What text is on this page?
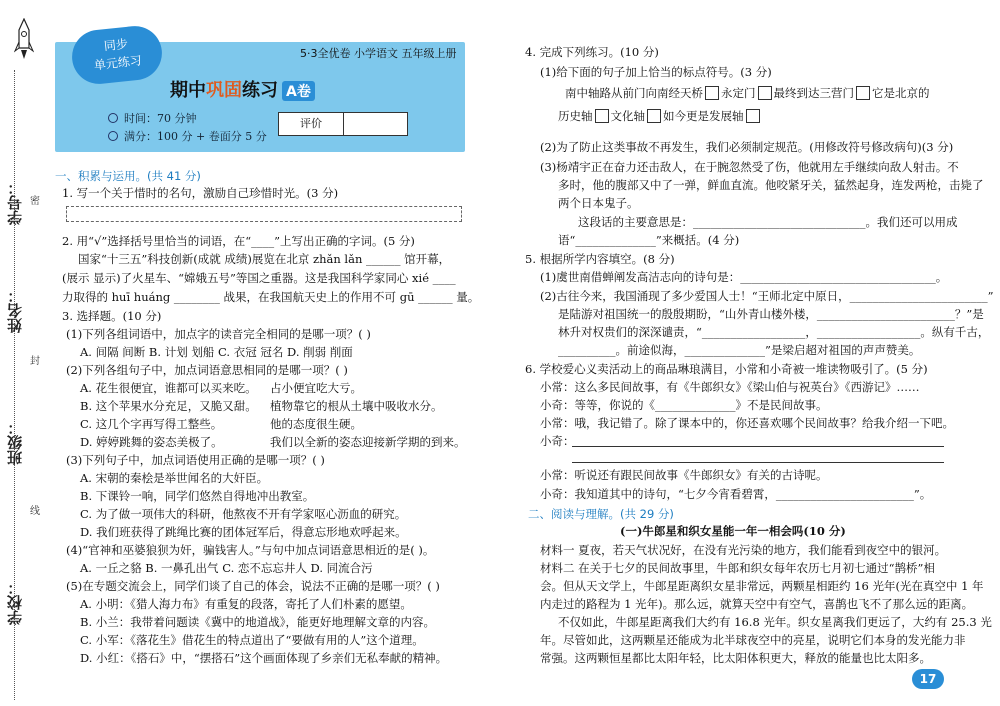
学号：
姓名：
班级：
学校：
密
封
线
同步
单元练习	5·3全优卷 小学语文 五年级上册
期中巩固练习 A卷
时间：70 分钟
满分：100 分 + 卷面分 5 分
评价
一、积累与运用。(共 41 分)
1. 写一个关于惜时的名句，激励自己珍惜时光。(3 分)
2. 用“√”选择括号里恰当的词语，在“____”上写出正确的字词。(5 分)
国家“十三五”科技创新(成就 成绩)展览在北京 zhǎn lǎn ______ 馆开幕，
(展示 显示)了火星车、“嫦娥五号”等国之重器。这是我国科学家同心 xié ____
力取得的 huī huáng ________ 战果，在我国航天史上的作用不可 gū ______ 量。
3. 选择题。(10 分)
(1)下列各组词语中，加点字的读音完全相同的是哪一项？( )
A. 间隔 间断 B. 计划 划船 C. 衣冠 冠名 D. 削弱 削面
(2)下列各组句子中，加点词语意思相同的是哪一项？( )
A. 花生很便宜，谁都可以买来吃。 占小便宜吃大亏。
B. 这个苹果水分充足，又脆又甜。 植物靠它的根从土壤中吸收水分。
C. 这几个字再写得工整些。	他的态度很生硬。
D. 婷婷跳舞的姿态美极了。	我们以全新的姿态迎接新学期的到来。
(3)下列句子中，加点词语使用正确的是哪一项？( )
A. 宋朝的秦桧是举世闻名的大奸臣。
B. 下课铃一响，同学们悠然自得地冲出教室。
C. 为了做一项伟大的科研，他熬夜不开有学家呕心沥血的研究。
D. 我们班获得了跳绳比赛的团体冠军后，得意忘形地欢呼起来。
(4)“官神和巫婆狼狈为奸，骗钱害人。”与句中加点词语意思相近的是( )。
A. 一丘之貉 B. 一鼻孔出气 C. 恋不忘忘井人 D. 同流合污
(5)在专题交流会上，同学们谈了自己的体会，说法不正确的是哪一项？( )
A. 小明：《猎人海力布》有重复的段落，寄托了人们朴素的愿望。
B. 小兰：我带着问题读《冀中的地道战》，能更好地理解文章的内容。
C. 小军：《落花生》借花生的特点道出了“要做有用的人”这个道理。
D. 小红：《搭石》中，“摆搭石”这个画面体现了乡亲们无私奉献的精神。
4. 完成下列练习。(10 分)
(1)给下面的句子加上恰当的标点符号。(3 分)
南中轴路从前门向南经天桥 永定门 最终到达三营门 它是北京的
历史轴 文化轴 如今更是发展轴
(2)为了防止这类事故不再发生，我们必须制定规范。(用修改符号修改病句)(3 分)
(3)杨靖宇正在奋力还击敌人，在于腕忽然受了伤，他就用左手继续向敌人射击。不
多时，他的腹部又中了一弹，鲜血直流。他咬紧牙关，猛然起身，连发两枪，击毙了
两个日本鬼子。
这段话的主要意思是：______________________________。我们还可以用成
语“______________”来概括。(4 分)
5. 根据所学内容填空。(8 分)
(1)虞世南借蝉阐发高洁志向的诗句是：__________________________________。
(2)古往今来，我国涌现了多少爱国人士！“王师北定中原日，________________________”
是陆游对祖国统一的殷殷期盼，“山外青山楼外楼，________________________？”是
林升对权贵们的深深谴责，“__________________，__________________。纵有千古，
__________。前途似海，______________”是梁启超对祖国的声声赞美。
6. 学校爱心义卖活动上的商品琳琅满目，小常和小奇被一堆读物吸引了。(5 分)
小常：这么多民间故事，有《牛郎织女》《梁山伯与祝英台》《西游记》……
小奇：等等，你说的《______________》不是民间故事。
小常：哦，我记错了。除了课本中的，你还喜欢哪个民间故事？给我介绍一下吧。
小奇：
小常：听说还有跟民间故事《牛郎织女》有关的古诗呢。
小奇：我知道其中的诗句，“七夕今宵看碧霄，________________________”。
二、阅读与理解。(共 29 分)
(一)牛郎星和织女星能一年一相会吗(10 分)
材料一 夏夜，若天气状况好，在没有光污染的地方，我们能看到夜空中的银河。
材料二 在关于七夕的民间故事里，牛郎和织女每年农历七月初七通过“鹊桥”相
会。但从天文学上，牛郎星距离织女星非常远，两颗星相距约 16 光年(光在真空中 1 年
内走过的路程为 1 光年)。那么远，就算天空中有空气，喜鹊也飞不了那么远的距离。
不仅如此，牛郎星距离我们大约有 16.8 光年。织女星离我们更远了，大约有 25.3 光
年。尽管如此，这两颗星还能成为北半球夜空中的亮星，说明它们本身的发光能力非
常强。这两颗恒星都比太阳年轻，比太阳体积更大，释放的能量也比太阳多。
17
